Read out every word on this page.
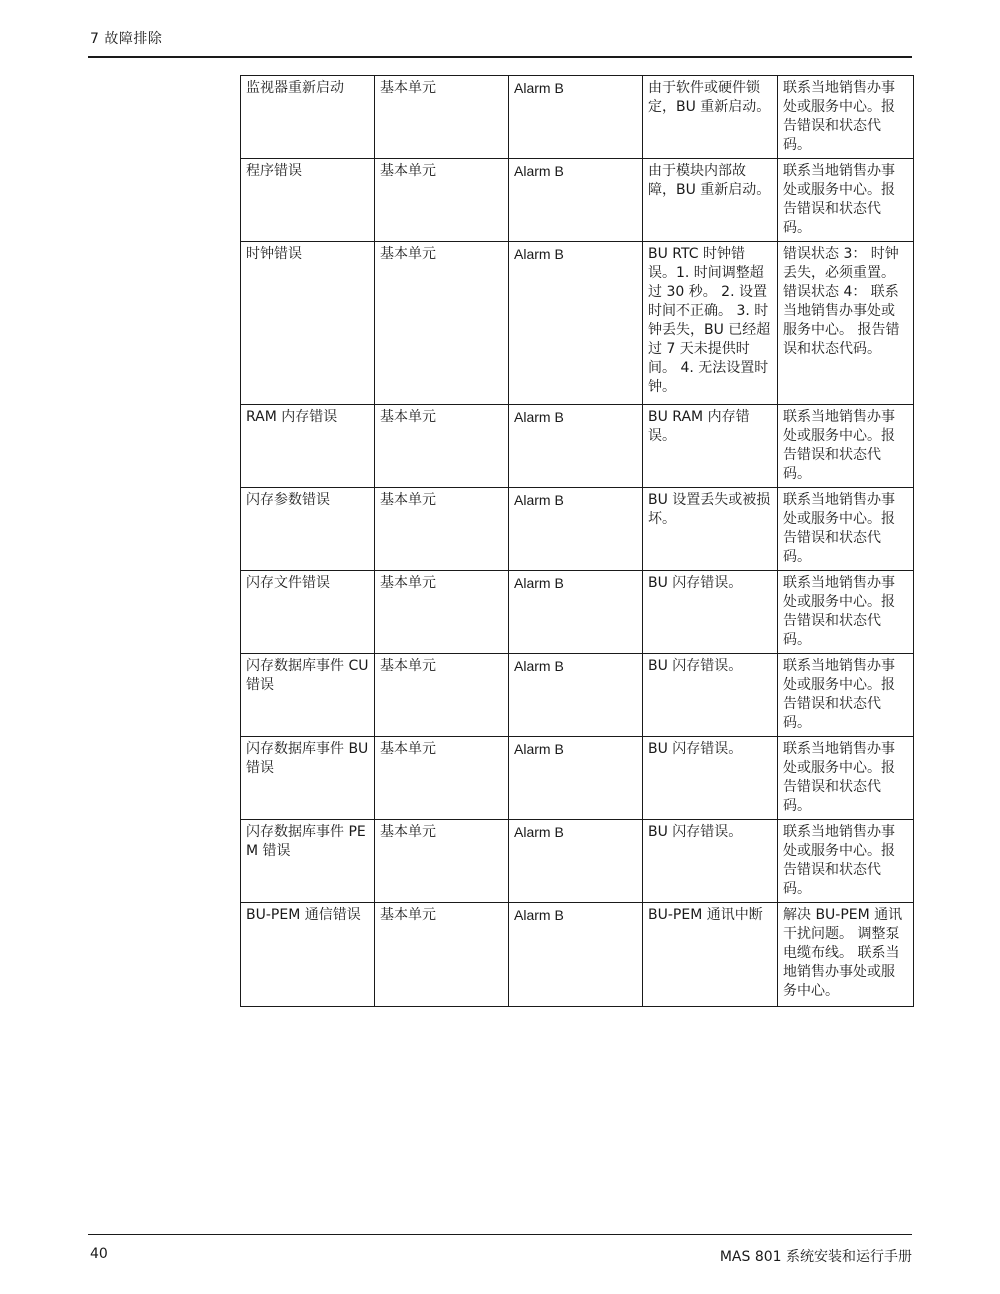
7 故障排除
监视器重新启动	基本单元	Alarm B	由于软件或硬件锁定，BU 重新启动。	联系当地销售办事处或服务中心。报告错误和状态代码。
程序错误	基本单元	Alarm B	由于模块内部故障，BU 重新启动。	联系当地销售办事处或服务中心。报告错误和状态代码。
时钟错误	基本单元	Alarm B	BU RTC 时钟错误。1. 时间调整超过 30 秒。 2. 设置时间不正确。 3. 时钟丢失，BU 已经超过 7 天未提供时间。 4. 无法设置时钟。	错误状态 3： 时钟丢失，必须重置。 错误状态 4： 联系当地销售办事处或服务中心。 报告错误和状态代码。
RAM 内存错误	基本单元	Alarm B	BU RAM 内存错误。	联系当地销售办事处或服务中心。报告错误和状态代码。
闪存参数错误	基本单元	Alarm B	BU 设置丢失或被损坏。	联系当地销售办事处或服务中心。报告错误和状态代码。
闪存文件错误	基本单元	Alarm B	BU 闪存错误。	联系当地销售办事处或服务中心。报告错误和状态代码。
闪存数据库事件 CU 错误	基本单元	Alarm B	BU 闪存错误。	联系当地销售办事处或服务中心。报告错误和状态代码。
闪存数据库事件 BU 错误	基本单元	Alarm B	BU 闪存错误。	联系当地销售办事处或服务中心。报告错误和状态代码。
闪存数据库事件 PEM 错误	基本单元	Alarm B	BU 闪存错误。	联系当地销售办事处或服务中心。报告错误和状态代码。
BU-PEM 通信错误	基本单元	Alarm B	BU-PEM 通讯中断	解决 BU-PEM 通讯干扰问题。 调整泵电缆布线。 联系当地销售办事处或服务中心。
40	MAS 801 系统安装和运行手册
